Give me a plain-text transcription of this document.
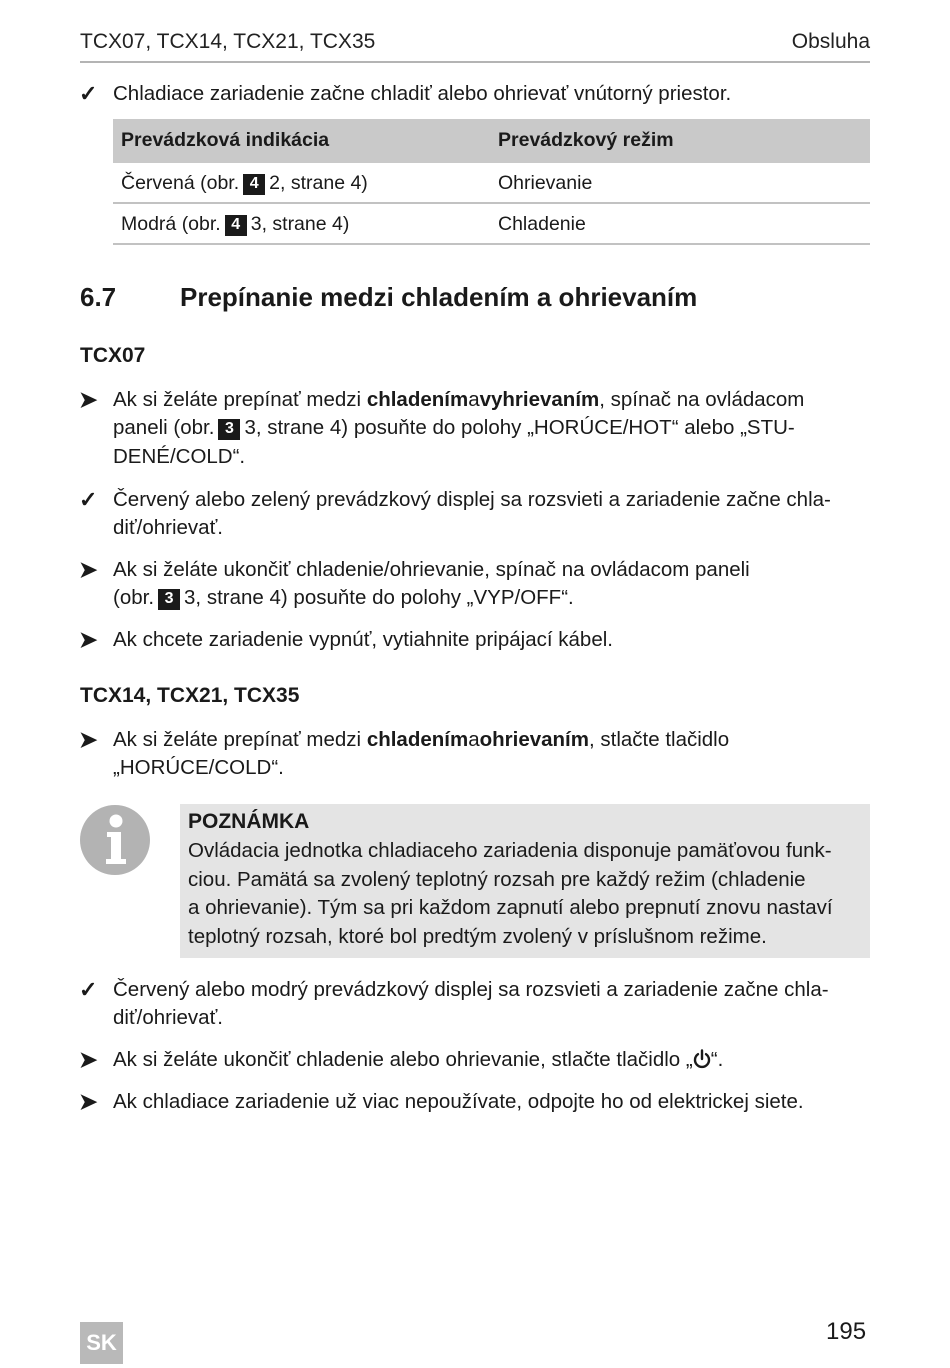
TCX07, TCX14, TCX21, TCX35	Obsluha
✓ Chladiace zariadenie začne chladiť alebo ohrievať vnútorný priestor.
Prevádzková indikácia	Prevádzkový režim
Červená (obr. 4 2, strane 4)	Ohrievanie
Modrá (obr. 4 3, strane 4)	Chladenie
6.7 Prepínanie medzi chladením a ohrievaním
TCX07
➤ Ak si želáte prepínať medzi chladenímavyhrievaním, spínač na ovládacom
paneli (obr. 3 3, strane 4) posuňte do polohy „HORÚCE/HOT“ alebo „STU-
DENÉ/COLD“.
✓ Červený alebo zelený prevádzkový displej sa rozsvieti a zariadenie začne chla-
diť/ohrievať.
➤ Ak si želáte ukončiť chladenie/ohrievanie, spínač na ovládacom paneli
(obr. 3 3, strane 4) posuňte do polohy „VYP/OFF“.
➤ Ak chcete zariadenie vypnúť, vytiahnite pripájací kábel.
TCX14, TCX21, TCX35
➤ Ak si želáte prepínať medzi chladenímaohrievaním, stlačte tlačidlo
„HORÚCE/COLD“.
POZNÁMKA
Ovládacia jednotka chladiaceho zariadenia disponuje pamäťovou funk-
ciou. Pamätá sa zvolený teplotný rozsah pre každý režim (chladenie
a ohrievanie). Tým sa pri každom zapnutí alebo prepnutí znovu nastaví
teplotný rozsah, ktoré bol predtým zvolený v príslušnom režime.
✓ Červený alebo modrý prevádzkový displej sa rozsvieti a zariadenie začne chla-
diť/ohrievať.
➤ Ak si želáte ukončiť chladenie alebo ohrievanie, stlačte tlačidlo „ “.
➤ Ak chladiace zariadenie už viac nepoužívate, odpojte ho od elektrickej siete.
SK	195
